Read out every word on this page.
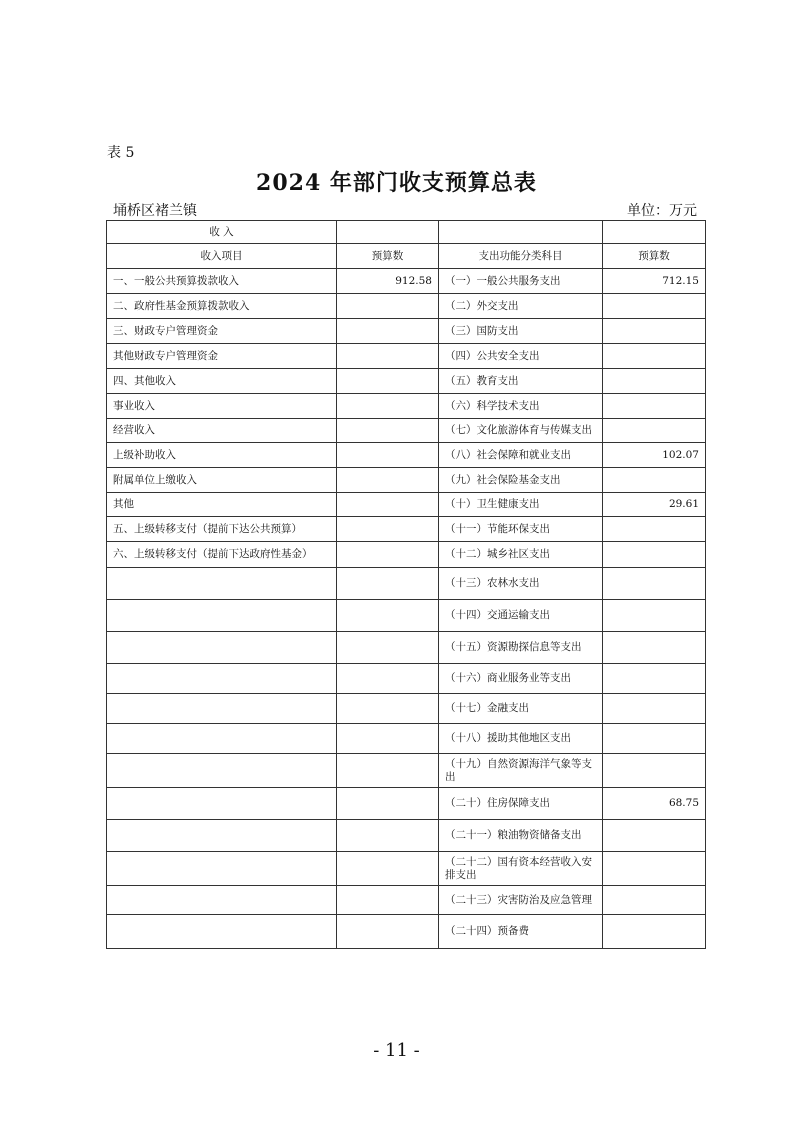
表 5
2024 年部门收支预算总表
埇桥区褚兰镇	单位：万元
收 入			
收入项目	预算数	支出功能分类科目	预算数
一、一般公共预算拨款收入	912.58	（一）一般公共服务支出	712.15
二、政府性基金预算拨款收入		（二）外交支出	
三、财政专户管理资金		（三）国防支出	
其他财政专户管理资金		（四）公共安全支出	
四、其他收入		（五）教育支出	
事业收入		（六）科学技术支出	
经营收入		（七）文化旅游体育与传媒支出	
上级补助收入		（八）社会保障和就业支出	102.07
附属单位上缴收入		（九）社会保险基金支出	
其他		（十）卫生健康支出	29.61
五、上级转移支付（提前下达公共预算）		（十一）节能环保支出	
六、上级转移支付（提前下达政府性基金）		（十二）城乡社区支出	
		（十三）农林水支出	
		（十四）交通运输支出	
		（十五）资源勘探信息等支出	
		（十六）商业服务业等支出	
		（十七）金融支出	
		（十八）援助其他地区支出	
		（十九）自然资源海洋气象等支出	
		（二十）住房保障支出	68.75
		（二十一）粮油物资储备支出	
		（二十二）国有资本经营收入安排支出	
		（二十三）灾害防治及应急管理	
		（二十四）预备费	
- 11 -
